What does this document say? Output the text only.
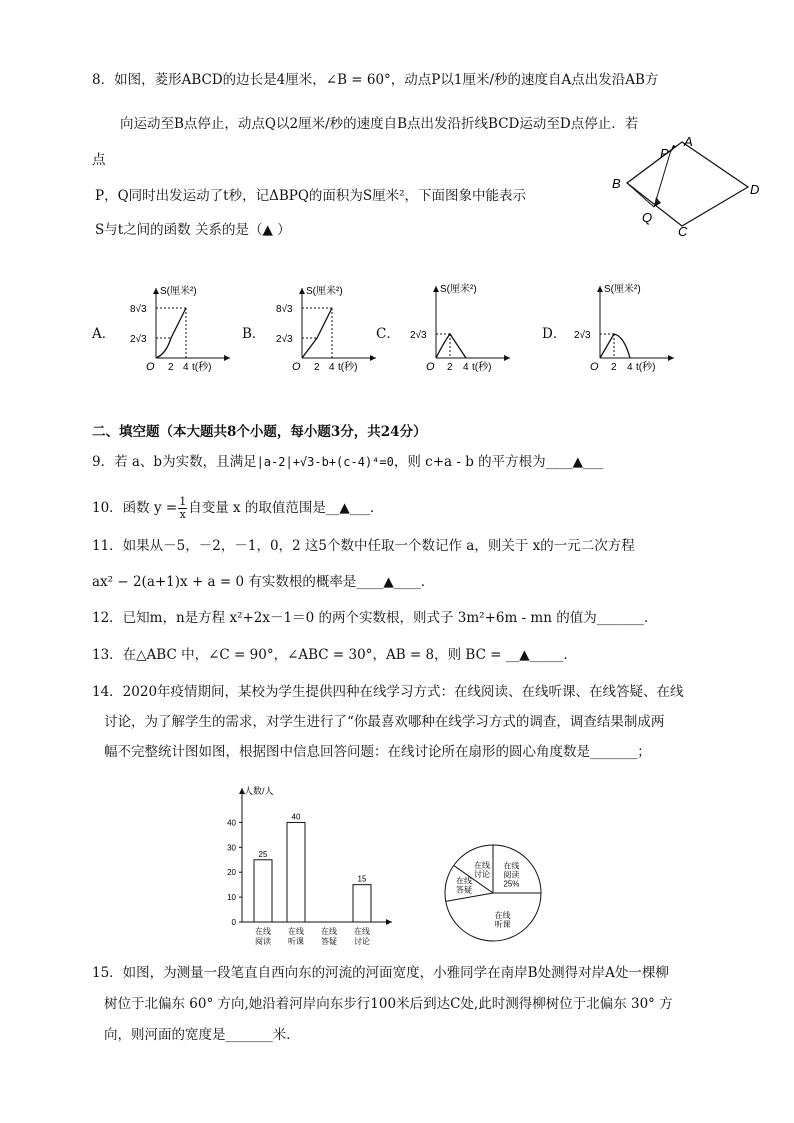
8．如图，菱形ABCD的边长是4厘米，∠B = 60°，动点P以1厘米/秒的速度自A点出发沿AB方
向运动至B点停止，动点Q以2厘米/秒的速度自B点出发沿折线BCD运动至D点停止．若
点
P，Q同时出发运动了t秒，记ΔBPQ的面积为S厘米²，下面图象中能表示
S与t之间的函数 关系的是（▲ ）
A
B
C
D
P
Q
A．
S(厘米²)
8√3
2√3
O 2 4 t(秒)
B．
S(厘米²)
8√3
2√3
O 2 4 t(秒)
C．
S(厘米²)
2√3
O 2 4 t(秒)
D．
S(厘米²)
2√3
O 2 4 t(秒)
二、填空题（本大题共8个小题，每小题3分，共24分）
9．若 a、b为实数，且满足|a-2|+√3-b+(c-4)⁴=0，则 c+a - b 的平方根为____▲___
10．函数 $y = \frac{1}{x}$ 自变量 x 的取值范围是__▲___．
11．如果从－5，－2，－1，0，2 这5个数中任取一个数记作 a，则关于 x的一元二次方程
ax² − 2(a+1)x + a = 0 有实数根的概率是____▲____．
12．已知m，n是方程 x²+2x－1＝0 的两个实数根，则式子 3m²+6m - mn 的值为_______．
13．在△ABC 中，∠C = 90°，∠ABC = 30°，AB = 8，则 BC = __▲_____．
14．2020年疫情期间，某校为学生提供四种在线学习方式：在线阅读、在线听课、在线答疑、在线
讨论，为了解学生的需求，对学生进行了“你最喜欢哪种在线学习方式的调查，调查结果制成两
幅不完整统计图如图，根据图中信息回答问题：在线讨论所在扇形的圆心角度数是_______；
人数/人
0
10
20
30
40
25
在线
阅读
40
在线
听课
在线
答疑
15
在线
讨论
在线
阅读
25%
在线
听课
在线
答疑
在线
讨论
15．如图，为测量一段笔直自西向东的河流的河面宽度，小雅同学在南岸B处测得对岸A处一棵柳
树位于北偏东 60° 方向,她沿着河岸向东步行100米后到达C处,此时测得柳树位于北偏东 30° 方
向，则河面的宽度是_______米．
